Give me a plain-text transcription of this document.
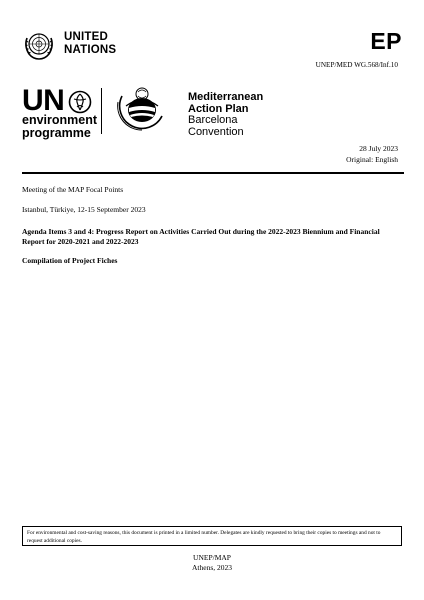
UNITED
NATIONS	EP
UNEP/MED WG.568/Inf.10
UN
environment
programme
Mediterranean
Action Plan
Barcelona
Convention
28 July 2023
Original: English
Meeting of the MAP Focal Points
Istanbul, Türkiye, 12-15 September 2023
Agenda Items 3 and 4: Progress Report on Activities Carried Out during the 2022-2023 Biennium and Financial Report for 2020-2021 and 2022-2023
Compilation of Project Fiches
For environmental and cost-saving reasons, this document is printed in a limited number. Delegates are kindly requested to bring their copies to meetings and not to request additional copies.
UNEP/MAP
Athens, 2023
